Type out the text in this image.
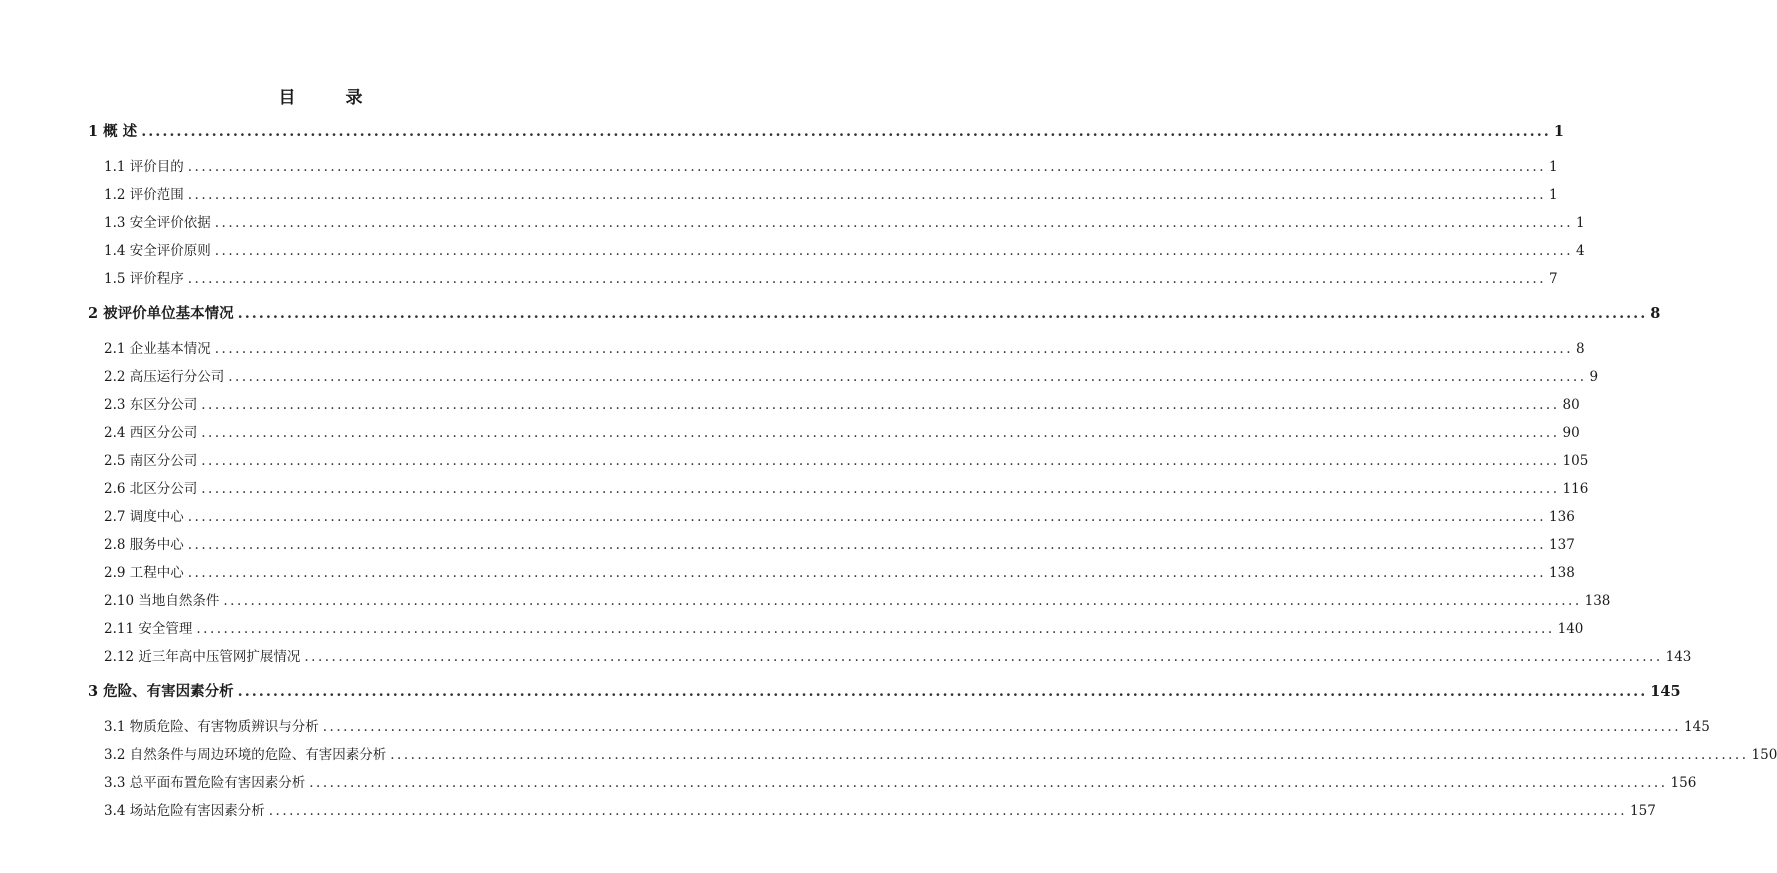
目 录
1 概 述 ........................................................................................................................................................................................................ 1
1.1 评价目的 ........................................................................................................................................................................................................ 1
1.2 评价范围 ........................................................................................................................................................................................................ 1
1.3 安全评价依据 ........................................................................................................................................................................................................ 1
1.4 安全评价原则 ........................................................................................................................................................................................................ 4
1.5 评价程序 ........................................................................................................................................................................................................ 7
2 被评价单位基本情况 ........................................................................................................................................................................................................ 8
2.1 企业基本情况 ........................................................................................................................................................................................................ 8
2.2 高压运行分公司 ........................................................................................................................................................................................................ 9
2.3 东区分公司 ........................................................................................................................................................................................................ 80
2.4 西区分公司 ........................................................................................................................................................................................................ 90
2.5 南区分公司 ........................................................................................................................................................................................................ 105
2.6 北区分公司 ........................................................................................................................................................................................................ 116
2.7 调度中心 ........................................................................................................................................................................................................ 136
2.8 服务中心 ........................................................................................................................................................................................................ 137
2.9 工程中心 ........................................................................................................................................................................................................ 138
2.10 当地自然条件 ........................................................................................................................................................................................................ 138
2.11 安全管理 ........................................................................................................................................................................................................ 140
2.12 近三年高中压管网扩展情况 ........................................................................................................................................................................................................ 143
3 危险、有害因素分析 ........................................................................................................................................................................................................ 145
3.1 物质危险、有害物质辨识与分析 ........................................................................................................................................................................................................ 145
3.2 自然条件与周边环境的危险、有害因素分析 ........................................................................................................................................................................................................ 150
3.3 总平面布置危险有害因素分析 ........................................................................................................................................................................................................ 156
3.4 场站危险有害因素分析 ........................................................................................................................................................................................................ 157
